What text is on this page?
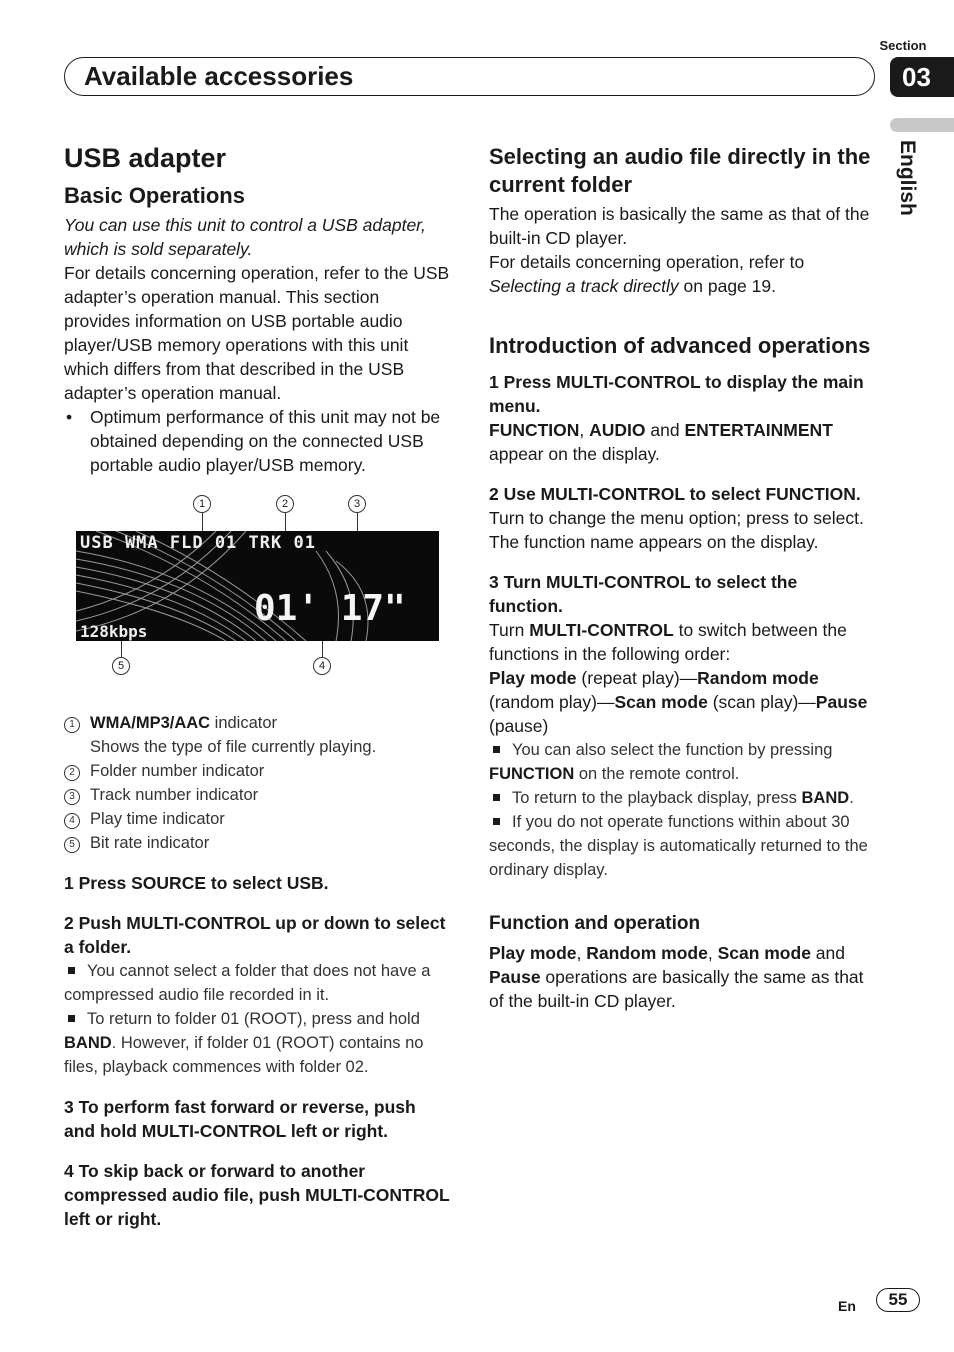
Section
03
Available accessories
English
USB adapter
Basic Operations

You can use this unit to control a USB adapter, which is sold separately.

For details concerning operation, refer to the USB adapter’s operation manual. This section provides information on USB portable audio player/USB memory operations with this unit which differs from that described in the USB adapter’s operation manual.

• Optimum performance of this unit may not be obtained depending on the connected USB portable audio player/USB memory.

1	2	3
USB WMA FLD 01 TRK 01
128kbps
01' 17"
5	4
1 WMA/MP3/AAC indicator
Shows the type of file currently playing.
2 Folder number indicator
3 Track number indicator
4 Play time indicator
5 Bit rate indicator

1 Press SOURCE to select USB.

2 Push MULTI-CONTROL up or down to select a folder.

You cannot select a folder that does not have a compressed audio file recorded in it.

To return to folder 01 (ROOT), press and hold BAND. However, if folder 01 (ROOT) contains no files, playback commences with folder 02.

3 To perform fast forward or reverse, push and hold MULTI-CONTROL left or right.

4 To skip back or forward to another compressed audio file, push MULTI-CONTROL left or right.

Selecting an audio file directly in the current folder

The operation is basically the same as that of the built-in CD player.

For details concerning operation, refer to Selecting a track directly on page 19.

Introduction of advanced operations

1 Press MULTI-CONTROL to display the main menu.

FUNCTION, AUDIO and ENTERTAINMENT

appear on the display.

2 Use MULTI-CONTROL to select FUNCTION.

Turn to change the menu option; press to select.

The function name appears on the display.

3 Turn MULTI-CONTROL to select the function.

Turn MULTI-CONTROL to switch between the functions in the following order:

Play mode (repeat play)—Random mode (random play)—Scan mode (scan play)—Pause (pause)

You can also select the function by pressing FUNCTION on the remote control.

To return to the playback display, press BAND.

If you do not operate functions within about 30 seconds, the display is automatically returned to the ordinary display.

Function and operation

Play mode, Random mode, Scan mode and Pause operations are basically the same as that of the built-in CD player.

En	55
